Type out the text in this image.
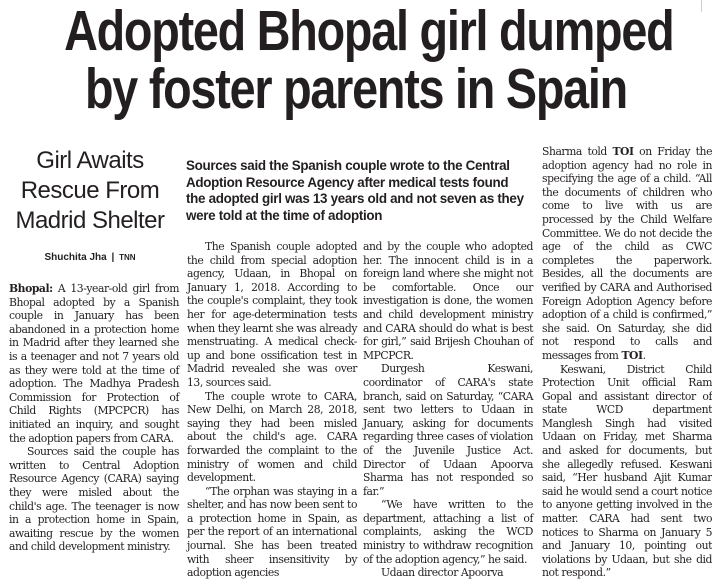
Adopted Bhopal girl dumped
by foster parents in Spain
Girl Awaits
Rescue From
Madrid Shelter
Shuchita Jha | TNN
Sources said the Spanish couple wrote to the Central Adoption Resource Agency after medical tests found the adopted girl was 13 years old and not seven as they were told at the time of adoption

Bhopal: A 13-year-old girl from Bhopal adopted by a Spanish couple in January has been abandoned in a protection home in Madrid after they learned she is a teenager and not 7 years old as they were told at the time of adoption. The Madhya Pradesh Commission for Protection of Child Rights (MPCPCR) has initiated an inquiry, and sought the adoption papers from CARA.

Sources said the couple has written to Central Adoption Resource Agency (CARA) saying they were misled about the child's age. The teenager is now in a protection home in Spain, awaiting rescue by the women and child development ministry.

The Spanish couple adopted the child from special adoption agency, Udaan, in Bhopal on January 1, 2018. According to the couple's complaint, they took her for age-determination tests when they learnt she was already menstruating. A medical check-up and bone ossification test in Madrid revealed she was over 13, sources said.

The couple wrote to CARA, New Delhi, on March 28, 2018, saying they had been misled about the child's age. CARA forwarded the complaint to the ministry of women and child development.

“The orphan was staying in a shelter, and has now been sent to a protection home in Spain, as per the report of an international journal. She has been treated with sheer insensitivity by adoption agencies

and by the couple who adopted her. The innocent child is in a foreign land where she might not be comfortable. Once our investigation is done, the women and child development ministry and CARA should do what is best for girl,” said Brijesh Chouhan of MPCPCR.

Durgesh Keswani, coordinator of CARA's state branch, said on Saturday, “CARA sent two letters to Udaan in January, asking for documents regarding three cases of violation of the Juvenile Justice Act. Director of Udaan Apoorva Sharma has not responded so far.”

“We have written to the department, attaching a list of complaints, asking the WCD ministry to withdraw recognition of the adoption agency,” he said.

Udaan director Apoorva

Sharma told TOI on Friday the adoption agency had no role in specifying the age of a child. “All the documents of children who come to live with us are processed by the Child Welfare Committee. We do not decide the age of the child as CWC completes the paperwork. Besides, all the documents are verified by CARA and Authorised Foreign Adoption Agency before adoption of a child is confirmed,” she said. On Saturday, she did not respond to calls and messages from TOI.

Keswani, District Child Protection Unit official Ram Gopal and assistant director of state WCD department Manglesh Singh had visited Udaan on Friday, met Sharma and asked for documents, but she allegedly refused. Keswani said, “Her husband Ajit Kumar said he would send a court notice to anyone getting involved in the matter. CARA had sent two notices to Sharma on January 5 and January 10, pointing out violations by Udaan, but she did not respond.”
